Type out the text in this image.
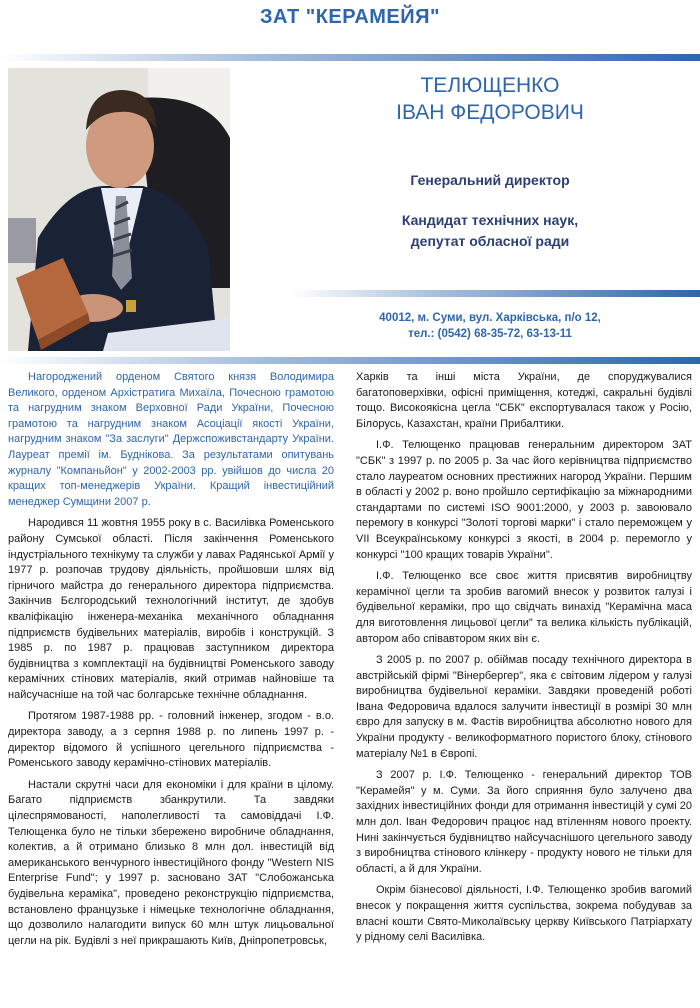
ЗАТ "КЕРАМЕЙЯ"
ТЕЛЮЩЕНКО
ІВАН ФЕДОРОВИЧ
Генеральний директор
Кандидат технічних наук,
депутат обласної ради
40012, м. Суми, вул. Харківська, п/о 12,
тел.: (0542) 68-35-72, 63-13-11

Нагороджений орденом Святого князя Володимира Великого, орденом Архістратига Михаїла, Почесною грамотою та нагрудним знаком Верховної Ради України, Почесною грамотою та нагрудним знаком Асоціації якості України, нагрудним знаком "За заслуги" Держспоживстандарту України. Лауреат премії ім. Буднікова. За результатами опитувань журналу "Компаньйон" у 2002-2003 рр. увійшов до числа 20 кращих топ-менеджерів України. Кращий інвестиційний менеджер Сумщини 2007 р.

Народився 11 жовтня 1955 року в с. Василівка Роменського району Сумської області. Після закінчення Роменського індустріального технікуму та служби у лавах Радянської Армії у 1977 р. розпочав трудову діяльність, пройшовши шлях від гірничого майстра до генерального директора підприємства. Закінчив Бєлгородський технологічний інститут, де здобув кваліфікацію інженера-механіка механічного обладнання підприємств будівельних матеріалів, виробів і конструкцій. З 1985 р. по 1987 р. працював заступником директора будівництва з комплектації на будівництві Роменського заводу керамічних стінових матеріалів, який отримав найновіше та найсучасніше на той час болгарське технічне обладнання.

Протягом 1987-1988 рр. - головний інженер, згодом - в.о. директора заводу, а з серпня 1988 р. по липень 1997 р. - директор відомого й успішного цегельного підприємства - Роменського заводу керамічно-стінових матеріалів.

Настали скрутні часи для економіки і для країни в цілому. Багато підприємств збанкрутили. Та завдяки цілеспрямованості, наполегливості та самовіддачі І.Ф. Телющенка було не тільки збережено виробниче обладнання, колектив, а й отримано близько 8 млн дол. інвестицій від американського венчурного інвестиційного фонду "Western NIS Enterprise Fund"; у 1997 р. засновано ЗАТ "Слобожанська будівельна кераміка", проведено реконструкцію підприємства, встановлено французьке і німецьке технологічне обладнання, що дозволило налагодити випуск 60 млн штук лицьовальної цегли на рік. Будівлі з неї прикрашають Київ, Дніпропетровськ,

Харків та інші міста України, де споруджувалися багатоповерхівки, офісні приміщення, котеджі, сакральні будівлі тощо. Високоякісна цегла "СБК" експортувалася також у Росію, Білорусь, Казахстан, країни Прибалтики.

І.Ф. Телющенко працював генеральним директором ЗАТ "СБК" з 1997 р. по 2005 р. За час його керівництва підприємство стало лауреатом основних престижних нагород України. Першим в області у 2002 р. воно пройшло сертифікацію за міжнародними стандартами по системі ISO 9001:2000, у 2003 р. завоювало перемогу в конкурсі "Золоті торгові марки" і стало переможцем у VII Всеукраїнському конкурсі з якості, в 2004 р. перемогло у конкурсі "100 кращих товарів України".

І.Ф. Телющенко все своє життя присвятив виробництву керамічної цегли та зробив вагомий внесок у розвиток галузі і будівельної кераміки, про що свідчать винахід "Керамічна маса для виготовлення лицьової цегли" та велика кількість публікацій, автором або співавтором яких він є.

З 2005 р. по 2007 р. обіймав посаду технічного директора в австрійській фірмі "Вінербергер", яка є світовим лідером у галузі виробництва будівельної кераміки. Завдяки проведеній роботі Івана Федоровича вдалося залучити інвестиції в розмірі 30 млн євро для запуску в м. Фастів виробництва абсолютно нового для України продукту - великоформатного пористого блоку, стінового матеріалу №1 в Європі.

З 2007 р. І.Ф. Телющенко - генеральний директор ТОВ "Керамейя" у м. Суми. За його сприяння було залучено два західних інвестиційних фонди для отримання інвестицій у сумі 20 млн дол. Іван Федорович працює над втіленням нового проекту. Нині закінчується будівництво найсучаснішого цегельного заводу з виробництва стінового клінкеру - продукту нового не тільки для області, а й для України.

Окрім бізнесової діяльності, І.Ф. Телющенко зробив вагомий внесок у покращення життя суспільства, зокрема побудував за власні кошти Свято-Миколаївську церкву Київського Патріархату у рідному селі Василівка.
